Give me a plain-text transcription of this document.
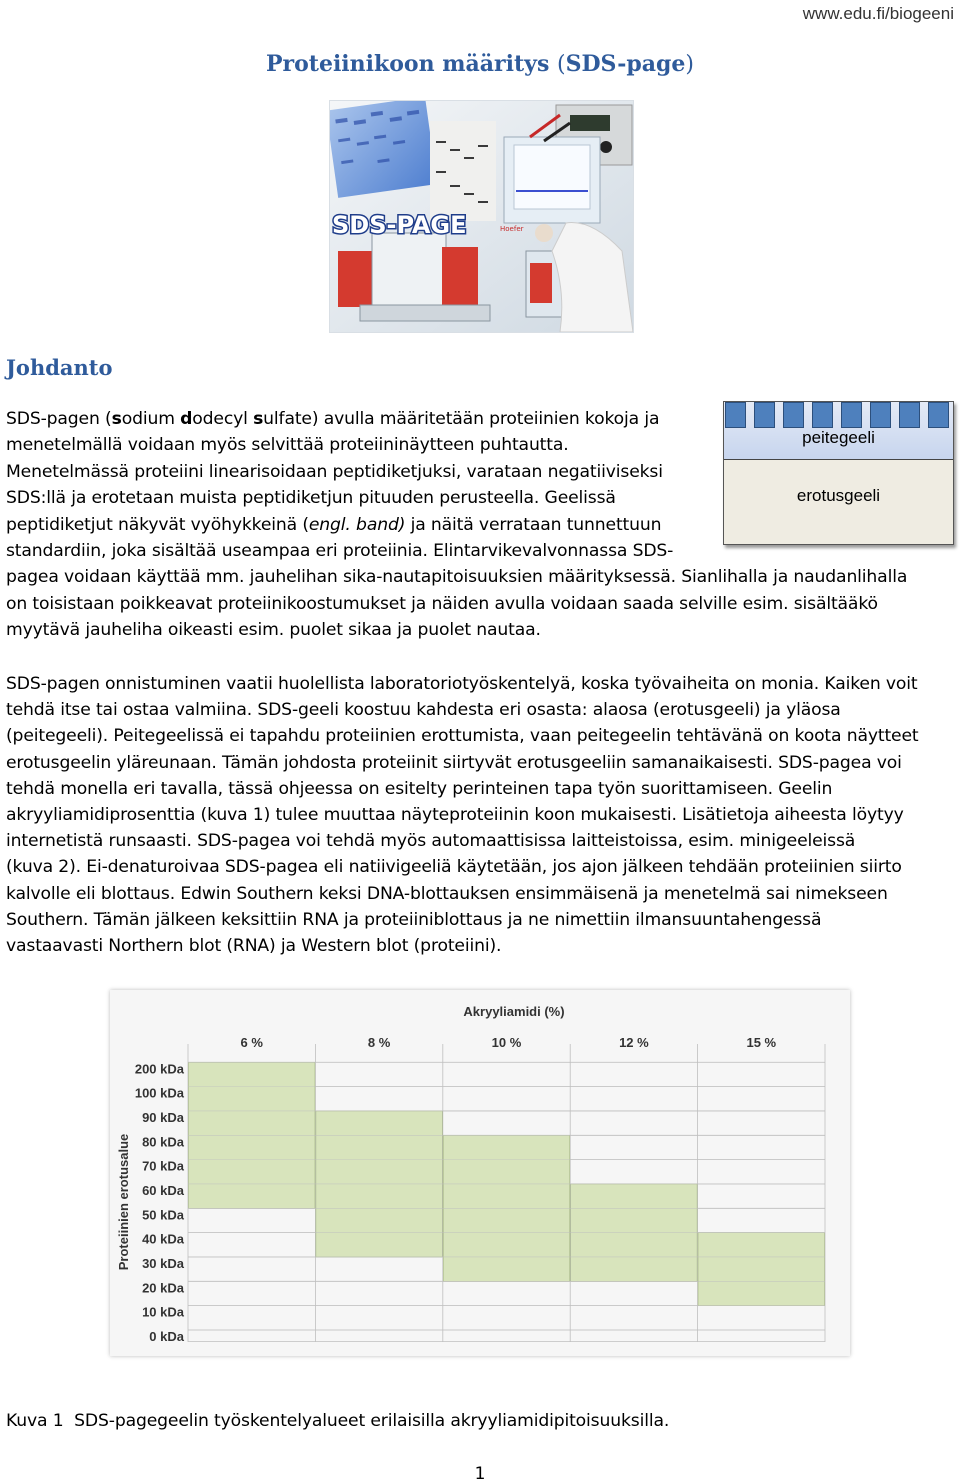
www.edu.fi/biogeeni
Proteiinikoon määritys (SDS-page)
SDS-PAGE	Hoefer
Johdanto
SDS-pagen (sodium dodecyl sulfate) avulla määritetään proteiinien kokoja ja
menetelmällä voidaan myös selvittää proteiininäytteen puhtautta.
Menetelmässä proteiini linearisoidaan peptidiketjuksi, varataan negatiiviseksi
SDS:llä ja erotetaan muista peptidiketjun pituuden perusteella. Geelissä
peptidiketjut näkyvät vyöhykkeinä (engl. band) ja näitä verrataan tunnettuun
standardiin, joka sisältää useampaa eri proteiinia. Elintarvikevalvonnassa SDS-
pagea voidaan käyttää mm. jauhelihan sika-nautapitoisuuksien määrityksessä. Sianlihalla ja naudanlihalla
on toisistaan poikkeavat proteiinikoostumukset ja näiden avulla voidaan saada selville esim. sisältääkö
myytävä jauheliha oikeasti esim. puolet sikaa ja puolet nautaa.
peitegeeli
erotusgeeli
SDS-pagen onnistuminen vaatii huolellista laboratoriotyöskentelyä, koska työvaiheita on monia. Kaiken voit
tehdä itse tai ostaa valmiina. SDS-geeli koostuu kahdesta eri osasta: alaosa (erotusgeeli) ja yläosa
(peitegeeli). Peitegeelissä ei tapahdu proteiinien erottumista, vaan peitegeelin tehtävänä on koota näytteet
erotusgeelin yläreunaan. Tämän johdosta proteiinit siirtyvät erotusgeeliin samanaikaisesti. SDS-pagea voi
tehdä monella eri tavalla, tässä ohjeessa on esitelty perinteinen tapa työn suorittamiseen. Geelin
akryyliamidiprosenttia (kuva 1) tulee muuttaa näyteproteiinin koon mukaisesti. Lisätietoja aiheesta löytyy
internetistä runsaasti. SDS-pagea voi tehdä myös automaattisissa laitteistoissa, esim. minigeeleissä
(kuva 2). Ei-denaturoivaa SDS-pagea eli natiivigeeliä käytetään, jos ajon jälkeen tehdään proteiinien siirto
kalvolle eli blottaus. Edwin Southern keksi DNA-blottauksen ensimmäisenä ja menetelmä sai nimekseen
Southern. Tämän jälkeen keksittiin RNA ja proteiiniblottaus ja ne nimettiin ilmansuuntahengessä
vastaavasti Northern blot (RNA) ja Western blot (proteiini).
Akryyliamidi (%)
Proteiinien erotusalue
0 kDa
10 kDa
20 kDa
30 kDa
40 kDa
50 kDa
60 kDa
70 kDa
80 kDa
90 kDa
100 kDa
200 kDa
6 %	8 %	10 %	12 %	15 %
Kuva 1 SDS-pagegeelin työskentelyalueet erilaisilla akryyliamidipitoisuuksilla.
1
